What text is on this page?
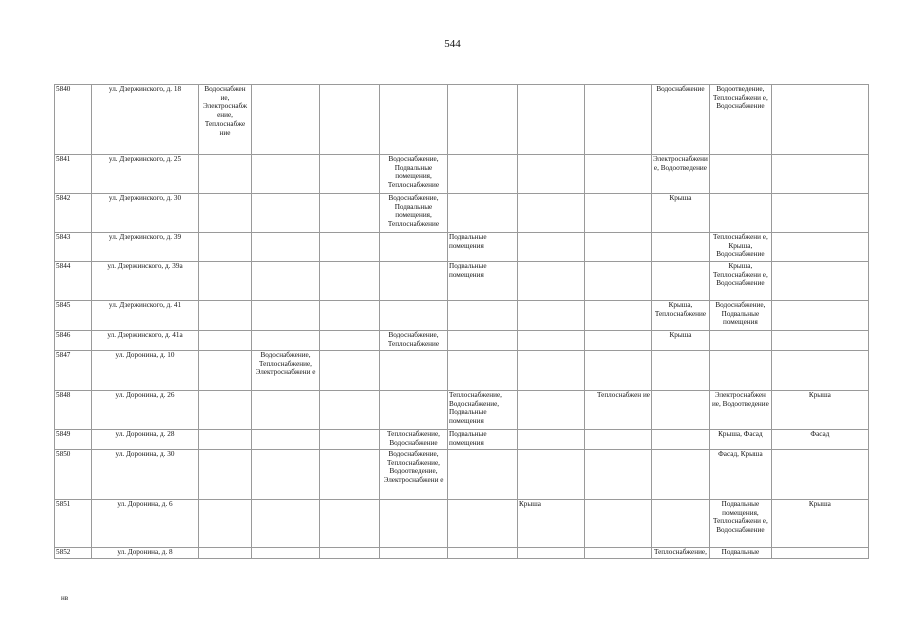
544
5840	ул. Дзержинского, д. 18	Водоснабжен ие, Электроснабж ение, Теплоснабже ние							Водоснабжение	Водоотведение, Теплоснабжени е, Водоснабжение	
5841	ул. Дзержинского, д. 25				Водоснабжение, Подвальные помещения, Теплоснабжение				Электроснабжени е, Водоотведение		
5842	ул. Дзержинского, д. 30				Водоснабжение, Подвальные помещения, Теплоснабжение				Крыша		
5843	ул. Дзержинского, д. 39					Подвальные помещения				Теплоснабжени е, Крыша, Водоснабжение	
5844	ул. Дзержинского, д. 39а					Подвальные помещения				Крыша, Теплоснабжени е, Водоснабжение	
5845	ул. Дзержинского, д. 41								Крыша, Теплоснабжение	Водоснабжение, Подвальные помещения	
5846	ул. Дзержинского, д. 41а				Водоснабжение, Теплоснабжение				Крыша		
5847	ул. Доронина, д. 10		Водоснабжение, Теплоснабжение, Электроснабжени е								
5848	ул. Доронина, д. 26					Теплоснабжение, Водоснабжение, Подвальные помещения		Теплоснабжен ие		Электроснабжен ие, Водоотведение	Крыша
5849	ул. Доронина, д. 28				Теплоснабжение, Водоснабжение	Подвальные помещения				Крыша, Фасад	Фасад
5850	ул. Доронина, д. 30				Водоснабжение, Теплоснабжение, Водоотведение, Электроснабжени е					Фасад, Крыша	
5851	ул. Доронина, д. 6						Крыша			Подвальные помещения, Теплоснабжени е, Водоснабжение	Крыша
5852	ул. Доронина, д. 8								Теплоснабжение,	Подвальные	
нв
